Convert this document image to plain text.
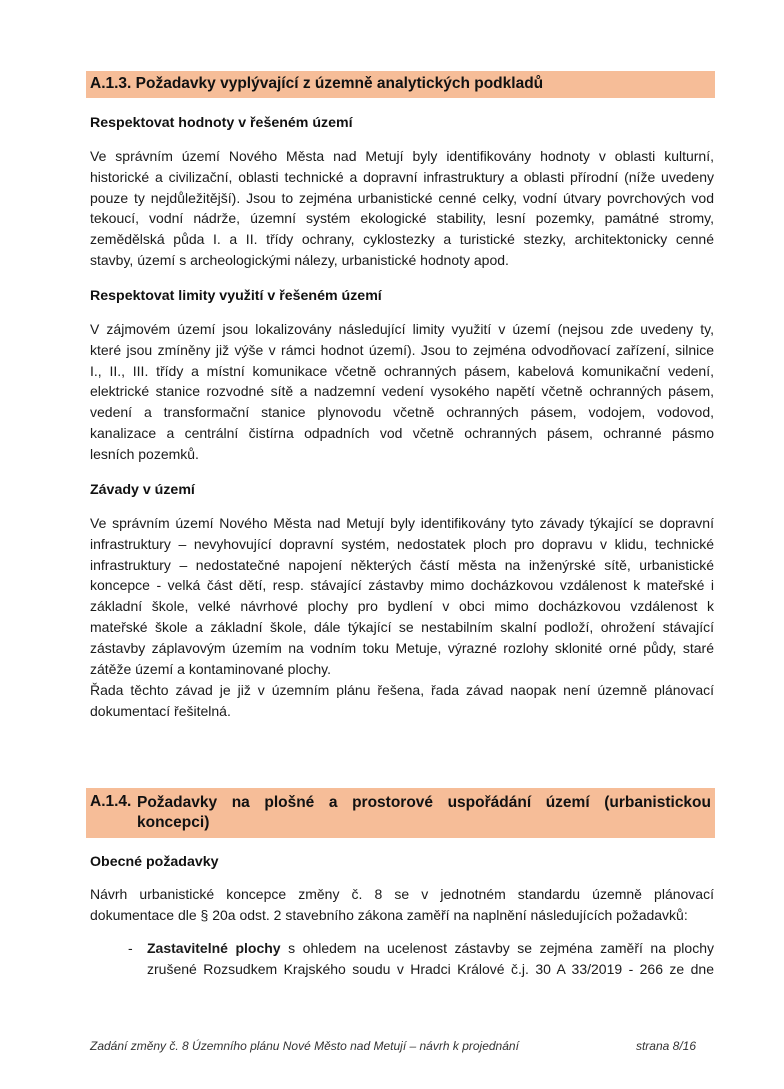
A.1.3. Požadavky vyplývající z územně analytických podkladů
Respektovat hodnoty v řešeném území
Ve správním území Nového Města nad Metují byly identifikovány hodnoty v oblasti kulturní,
historické a civilizační, oblasti technické a dopravní infrastruktury a oblasti přírodní (níže uvedeny
pouze ty nejdůležitější). Jsou to zejména urbanistické cenné celky, vodní útvary povrchových vod
tekoucí, vodní nádrže, územní systém ekologické stability, lesní pozemky, památné stromy,
zemědělská půda I. a II. třídy ochrany, cyklostezky a turistické stezky, architektonicky cenné
stavby, území s archeologickými nálezy, urbanistické hodnoty apod.
Respektovat limity využití v řešeném území
V zájmovém území jsou lokalizovány následující limity využití v území (nejsou zde uvedeny ty,
které jsou zmíněny již výše v rámci hodnot území). Jsou to zejména odvodňovací zařízení, silnice
I., II., III. třídy a místní komunikace včetně ochranných pásem, kabelová komunikační vedení,
elektrické stanice rozvodné sítě a nadzemní vedení vysokého napětí včetně ochranných pásem,
vedení a transformační stanice plynovodu včetně ochranných pásem, vodojem, vodovod,
kanalizace a centrální čistírna odpadních vod včetně ochranných pásem, ochranné pásmo
lesních pozemků.
Závady v území
Ve správním území Nového Města nad Metují byly identifikovány tyto závady týkající se dopravní
infrastruktury – nevyhovující dopravní systém, nedostatek ploch pro dopravu v klidu, technické
infrastruktury – nedostatečné napojení některých částí města na inženýrské sítě, urbanistické
koncepce - velká část dětí, resp. stávající zástavby mimo docházkovou vzdálenost k mateřské i
základní škole, velké návrhové plochy pro bydlení v obci mimo docházkovou vzdálenost k
mateřské škole a základní škole, dále týkající se nestabilním skalní podloží, ohrožení stávající
zástavby záplavovým územím na vodním toku Metuje, výrazné rozlohy sklonité orné půdy, staré
zátěže území a kontaminované plochy.
Řada těchto závad je již v územním plánu řešena, řada závad naopak není územně plánovací
dokumentací řešitelná.
A.1.4. Požadavky na plošné a prostorové uspořádání území (urbanistickou
koncepci)
Obecné požadavky
Návrh urbanistické koncepce změny č. 8 se v jednotném standardu územně plánovací
dokumentace dle § 20a odst. 2 stavebního zákona zaměří na naplnění následujících požadavků:
- Zastavitelné plochy s ohledem na ucelenost zástavby se zejména zaměří na plochy
zrušené Rozsudkem Krajského soudu v Hradci Králové č.j. 30 A 33/2019 - 266 ze dne
Zadání změny č. 8 Územního plánu Nové Město nad Metují – návrh k projednání	strana 8/16
